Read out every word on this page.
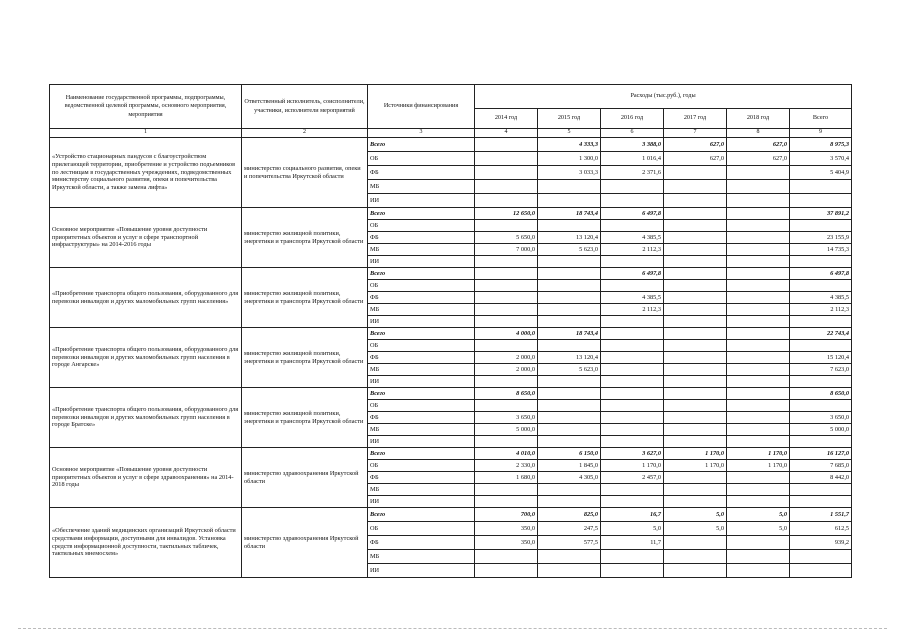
Наименование государственной программы, подпрограммы, ведомственной целевой программы, основного мероприятия, мероприятия	Ответственный исполнитель, соисполнители, участники, исполнители мероприятий	Источники финансирования	Расходы (тыс.руб.), годы					
			2014 год	2015 год	2016 год	2017 год	2018 год	Всего
1	2	3	4	5	6	7	8	9
«Устройство стационарных пандусов с благоустройством прилегающей территории, приобретение и устройство подъемников по лестницам в государственных учреждениях, подведомственных министерству социального развития, опеки и попечительства Иркутской области, а также замена лифта»	министерство социального развития, опеки и попечительства Иркутской области	Всего		4 333,3	3 388,0	627,0	627,0	8 975,3
		ОБ		1 300,0	1 016,4	627,0	627,0	3 570,4
		ФБ		3 033,3	2 371,6			5 404,9
		МБ						
		ИИ						
Основное мероприятие «Повышение уровня доступности приоритетных объектов и услуг в сфере транспортной инфраструктуры» на 2014-2016 годы	министерство жилищной политики, энергетики и транспорта Иркутской области	Всего	12 650,0	18 743,4	6 497,8			37 891,2
		ОБ						
		ФБ	5 650,0	13 120,4	4 385,5			23 155,9
		МБ	7 000,0	5 623,0	2 112,3			14 735,3
		ИИ						
«Приобретение транспорта общего пользования, оборудованного для перевозки инвалидов и других маломобильных групп населения»	министерство жилищной политики, энергетики и транспорта Иркутской области	Всего			6 497,8			6 497,8
		ОБ						
		ФБ			4 385,5			4 385,5
		МБ			2 112,3			2 112,3
		ИИ						
«Приобретение транспорта общего пользования, оборудованного для перевозки инвалидов и других маломобильных групп населения в городе Ангарске»	министерство жилищной политики, энергетики и транспорта Иркутской области	Всего	4 000,0	18 743,4				22 743,4
		ОБ						
		ФБ	2 000,0	13 120,4				15 120,4
		МБ	2 000,0	5 623,0				7 623,0
		ИИ						
«Приобретение транспорта общего пользования, оборудованного для перевозки инвалидов и других маломобильных групп населения в городе Братске»	министерство жилищной политики, энергетики и транспорта Иркутской области	Всего	8 650,0					8 650,0
		ОБ						
		ФБ	3 650,0					3 650,0
		МБ	5 000,0					5 000,0
		ИИ						
Основное мероприятие «Повышение уровня доступности приоритетных объектов и услуг в сфере здравоохранения» на 2014-2018 годы	министерство здравоохранения Иркутской области	Всего	4 010,0	6 150,0	3 627,0	1 170,0	1 170,0	16 127,0
		ОБ	2 330,0	1 845,0	1 170,0	1 170,0	1 170,0	7 685,0
		ФБ	1 680,0	4 305,0	2 457,0			8 442,0
		МБ						
		ИИ						
«Обеспечение зданий медицинских организаций Иркутской области средствами информации, доступными для инвалидов. Установка средств информационной доступности, тактильных табличек, тактильных мнемосхем»	министерство здравоохранения Иркутской области	Всего	700,0	825,0	16,7	5,0	5,0	1 551,7
		ОБ	350,0	247,5	5,0	5,0	5,0	612,5
		ФБ	350,0	577,5	11,7			939,2
		МБ						
		ИИ						
